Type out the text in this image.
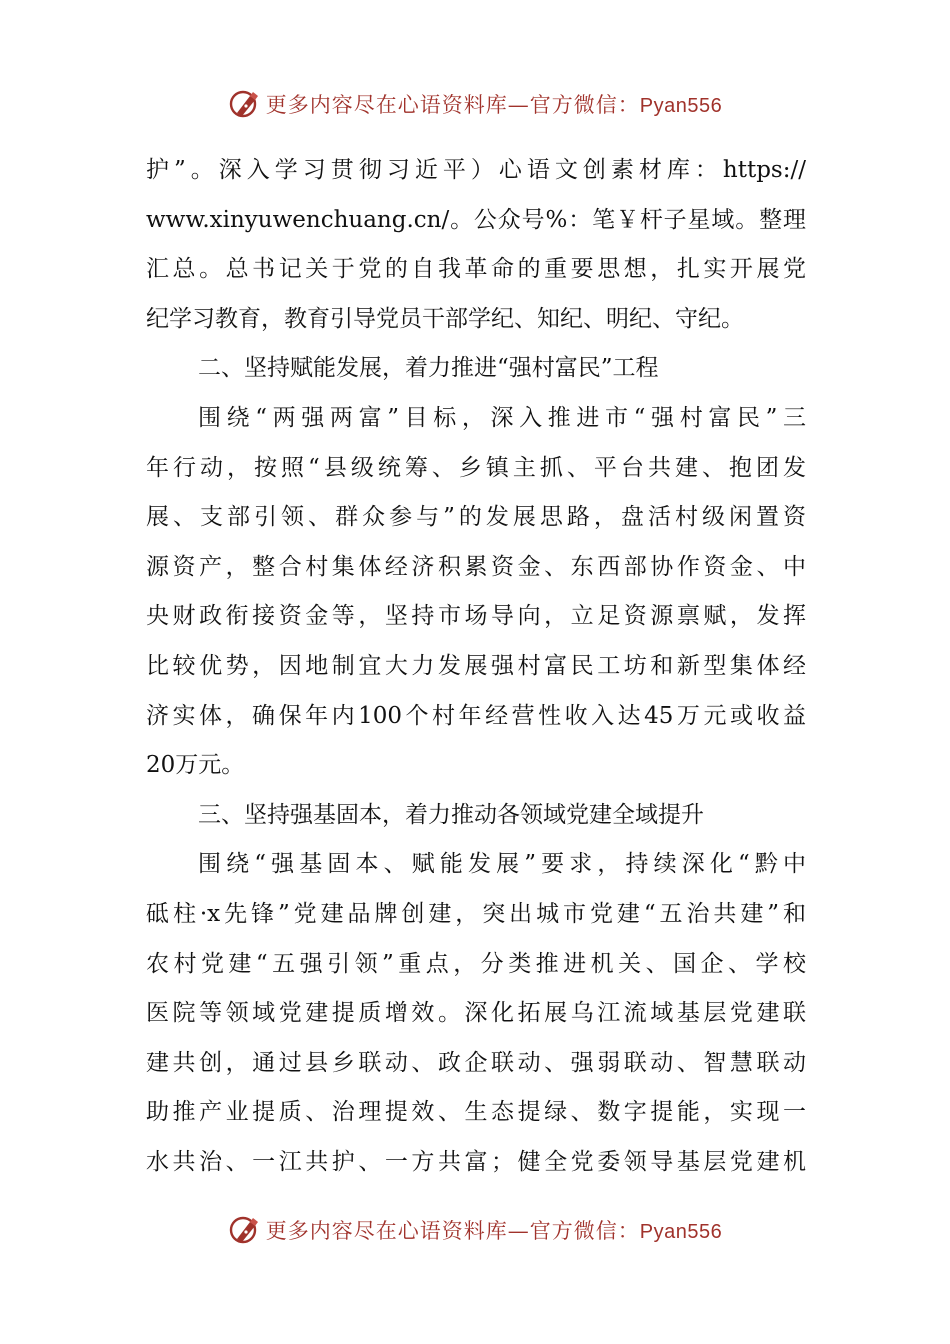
更多内容尽在心语资料库—官方微信：Pyan556
护”。深入学习贯彻习近平）心语文创素材库：https://
www.xinyuwenchuang.cn/。公众号%：笔￥杆子星域。整理
汇总。总书记关于党的自我革命的重要思想，扎实开展党
纪学习教育，教育引导党员干部学纪、知纪、明纪、守纪。
二、坚持赋能发展，着力推进“强村富民”工程
围绕“两强两富”目标，深入推进市“强村富民”三
年行动，按照“县级统筹、乡镇主抓、平台共建、抱团发
展、支部引领、群众参与”的发展思路，盘活村级闲置资
源资产，整合村集体经济积累资金、东西部协作资金、中
央财政衔接资金等，坚持市场导向，立足资源禀赋，发挥
比较优势，因地制宜大力发展强村富民工坊和新型集体经
济实体，确保年内100个村年经营性收入达45万元或收益
20万元。
三、坚持强基固本，着力推动各领域党建全域提升
围绕“强基固本、赋能发展”要求，持续深化“黔中
砥柱·x先锋”党建品牌创建，突出城市党建“五治共建”和
农村党建“五强引领”重点，分类推进机关、国企、学校
医院等领域党建提质增效。深化拓展乌江流域基层党建联
建共创，通过县乡联动、政企联动、强弱联动、智慧联动
助推产业提质、治理提效、生态提绿、数字提能，实现一
水共治、一江共护、一方共富；健全党委领导基层党建机
更多内容尽在心语资料库—官方微信：Pyan556
